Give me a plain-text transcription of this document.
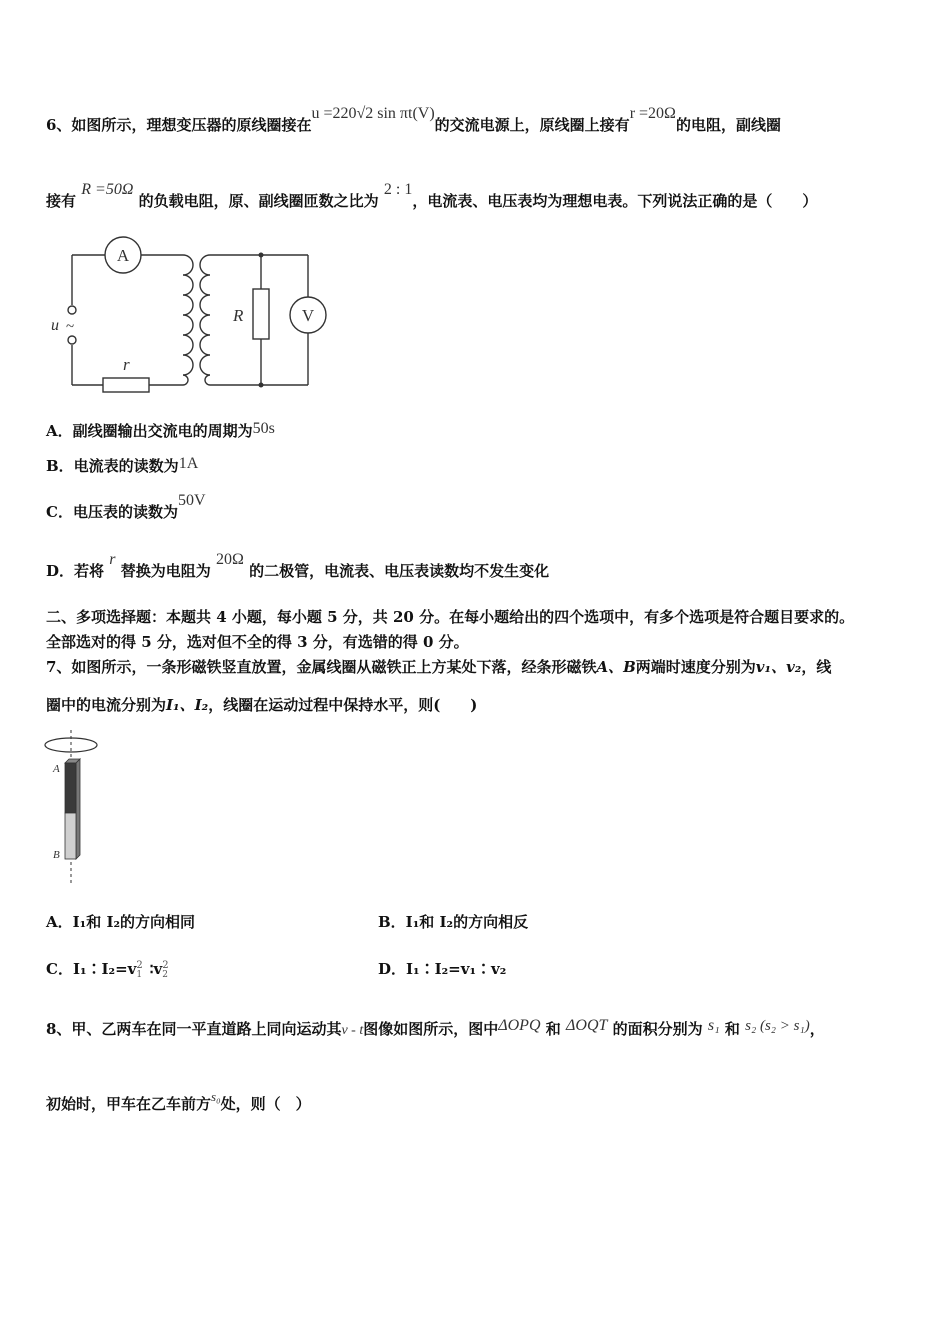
6、如图所示，理想变压器的原线圈接在u =220√2 sin πt(V)的交流电源上，原线圈上接有r =20Ω的电阻，副线圈
接有 R =50Ω 的负载电阻，原、副线圈匝数之比为 2 : 1，电流表、电压表均为理想电表。下列说法正确的是（　　）
A
V
u ~
r
R
A．副线圈输出交流电的周期为50s
B．电流表的读数为1A
C．电压表的读数为50V
D．若将 r 替换为电阻为 20Ω 的二极管，电流表、电压表读数均不发生变化
二、多项选择题：本题共 4 小题，每小题 5 分，共 20 分。在每小题给出的四个选项中，有多个选项是符合题目要求的。
全部选对的得 5 分，选对但不全的得 3 分，有选错的得 0 分。
7、如图所示，一条形磁铁竖直放置，金属线圈从磁铁正上方某处下落，经条形磁铁A、B两端时速度分别为v₁、v₂，线
圈中的电流分别为I₁、I₂，线圈在运动过程中保持水平，则(　　)
A
B
A．I₁和 I₂的方向相同	B．I₁和 I₂的方向相反
C．I₁∶I₂=v 2
1 ∶v 2
2	D．I₁∶I₂=v₁∶v₂
8、甲、乙两车在同一平直道路上同向运动其v - t图像如图所示，图中ΔOPQ 和 ΔOQT 的面积分别为 s₁ 和 s₂ (s₂ > s₁)，
初始时，甲车在乙车前方s₀处，则（　）
